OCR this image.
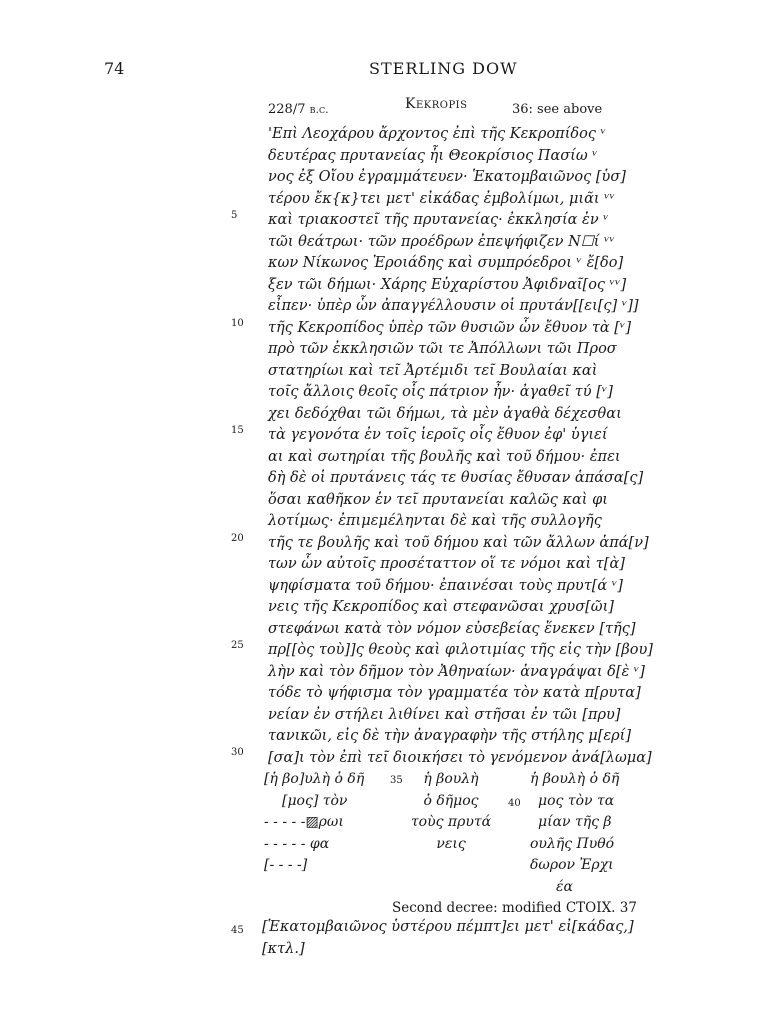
74	STERLING DOW
Kekropis
228/7 b.c.	36: see above
'Επὶ Λεοχάρου ἄρχοντος ἐπὶ τῆς Κεκροπίδος ᵛ
δευτέρας πρυτανείας ἧι Θεοκρίσιος Πασίω ᵛ
νος ἐξ Οἴου ἐγραμμάτευεν· Ἑκατομβαιῶνος [ὑσ]
τέρου ἔκ{κ}τει μετ' εἰκάδας ἐμβολίμωι, μιᾶι ᵛᵛ
καὶ τριακοστεῖ τῆς πρυτανείας· ἐκκλησία ἐν ᵛ
τῶι θεάτρωι· τῶν προέδρων ἐπεψήφιζεν Ν☐ί ᵛᵛ
κων Νίκωνος Ἐροιάδης καὶ συμπρόεδροι ᵛ ἔ[δο]
ξεν τῶι δήμωι· Χάρης Εὐχαρίστου Ἀφιδναῖ[ος ᵛᵛ]
εἶπεν· ὑπὲρ ὧν ἀπαγγέλλουσιν οἱ πρυτάν[[ει[ς] ᵛ]]
τῆς Κεκροπίδος ὑπὲρ τῶν θυσιῶν ὧν ἔθυον τὰ [ᵛ]
πρὸ τῶν ἐκκλησιῶν τῶι τε Ἀπόλλωνι τῶι Προσ
στατηρίωι καὶ τεῖ Ἀρτέμιδι τεῖ Βουλαίαι καὶ
τοῖς ἄλλοις θεοῖς οἷς πάτριον ἦν· ἀγαθεῖ τύ [ᵛ]
χει δεδόχθαι τῶι δήμωι, τὰ μὲν ἀγαθὰ δέχεσθαι
τὰ γεγονότα ἐν τοῖς ἱεροῖς οἷς ἔθυον ἐφ' ὑγιεί
αι καὶ σωτηρίαι τῆς βουλῆς καὶ τοῦ δήμου· ἐπει
δὴ δὲ οἱ πρυτάνεις τάς τε θυσίας ἔθυσαν ἁπάσα[ς]
ὅσαι καθῆκον ἐν τεῖ πρυτανείαι καλῶς καὶ φι
λοτίμως· ἐπιμεμέληνται δὲ καὶ τῆς συλλογῆς
τῆς τε βουλῆς καὶ τοῦ δήμου καὶ τῶν ἄλλων ἁπά[ν]
των ὧν αὐτοῖς προσέταττον οἵ τε νόμοι καὶ τ[ὰ]
ψηφίσματα τοῦ δήμου· ἐπαινέσαι τοὺς πρυτ[ά ᵛ]
νεις τῆς Κεκροπίδος καὶ στεφανῶσαι χρυσ[ῶι]
στεφάνωι κατὰ τὸν νόμον εὐσεβείας ἕνεκεν [τῆς]
πρ[[ὸς τοὺ]]ς θεοὺς καὶ φιλοτιμίας τῆς εἰς τὴν [βου]
λὴν καὶ τὸν δῆμον τὸν Ἀθηναίων· ἀναγράψαι δ[ὲ ᵛ]
τόδε τὸ ψήφισμα τὸν γραμματέα τὸν κατὰ π[ρυτα]
νείαν ἐν στήλει λιθίνει καὶ στῆσαι ἐν τῶι [πρυ]
τανικῶι, εἰς δὲ τὴν ἀναγραφὴν τῆς στήλης μ[ερί]
[σα]ι τὸν ἐπὶ τεῖ διοικήσει τὸ γενόμενον ἀνά[λωμα]
5
10
15
20
25
30
[ἡ βο]υλὴ ὁ δῆ
[μος] τὸν
- - - - -▨ρωι
- - - - - φα
[- - - -]
35	ἡ βουλὴ
ὁ δῆμος
τοὺς πρυτά
νεις
40
ἡ βουλὴ ὁ δῆ
μος τὸν τα
μίαν τῆς β
ουλῆς Πυθό
δωρον Ἐρχι
έα
Second decree: modified CTOIX. 37
45 [Ἑκατομβαιῶνος ὑστέρου πέμπτ]ει μετ' εἰ[κάδας,]
[κτλ.]
